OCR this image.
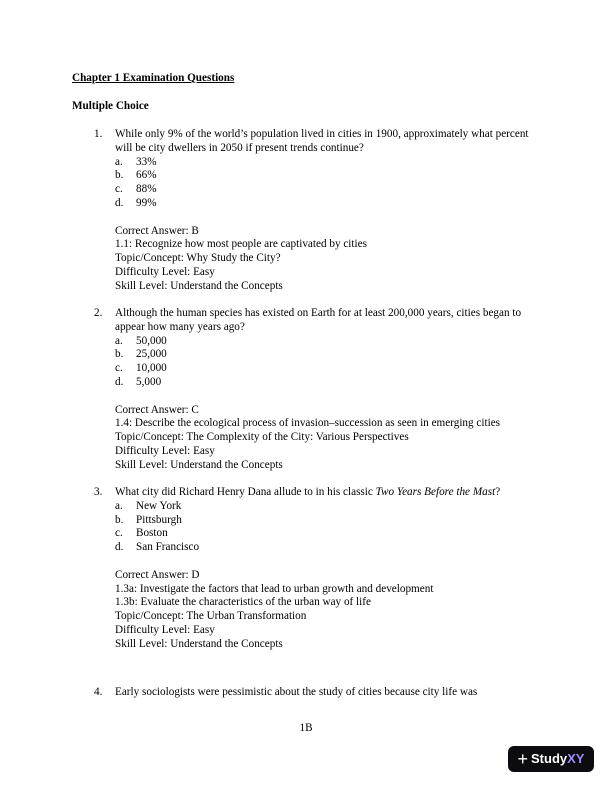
Chapter 1 Examination Questions
Multiple Choice
1.	While only 9% of the world’s population lived in cities in 1900, approximately what percent will be city dwellers in 2050 if present trends continue?
a.	33%
b.	66%
c.	88%
d.	99%
Correct Answer: B
1.1: Recognize how most people are captivated by cities
Topic/Concept: Why Study the City?
Difficulty Level: Easy
Skill Level: Understand the Concepts
2.	Although the human species has existed on Earth for at least 200,000 years, cities began to appear how many years ago?
a.	50,000
b.	25,000
c.	10,000
d.	5,000
Correct Answer: C
1.4: Describe the ecological process of invasion–succession as seen in emerging cities
Topic/Concept: The Complexity of the City: Various Perspectives
Difficulty Level: Easy
Skill Level: Understand the Concepts
3.	What city did Richard Henry Dana allude to in his classic Two Years Before the Mast?
a.	New York
b.	Pittsburgh
c.	Boston
d.	San Francisco
Correct Answer: D
1.3a: Investigate the factors that lead to urban growth and development
1.3b: Evaluate the characteristics of the urban way of life
Topic/Concept: The Urban Transformation
Difficulty Level: Easy
Skill Level: Understand the Concepts
4.	Early sociologists were pessimistic about the study of cities because city life was
1B
+ Study XY
